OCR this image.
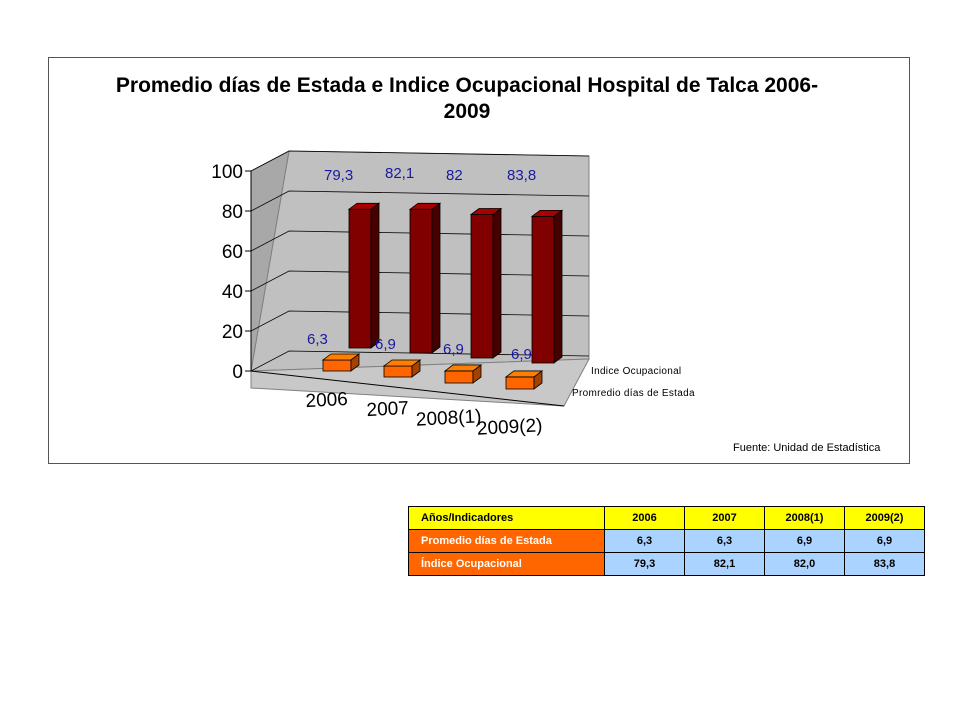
Promedio días de Estada e Indice Ocupacional Hospital de Talca 2006-
2009
0
20
40
60
80
100	79,3
6,3
82,1
6,9
82
6,9
83,8
6,9
2006 2007 2008(1)
2009(2)
Indice Ocupacional
Promredio días de Estada
Fuente: Unidad de Estadística
Años/Indicadores	2006	2007	2008(1)	2009(2)
Promedio días de Estada	6,3	6,3	6,9	6,9
Índice Ocupacional	79,3	82,1	82,0	83,8
